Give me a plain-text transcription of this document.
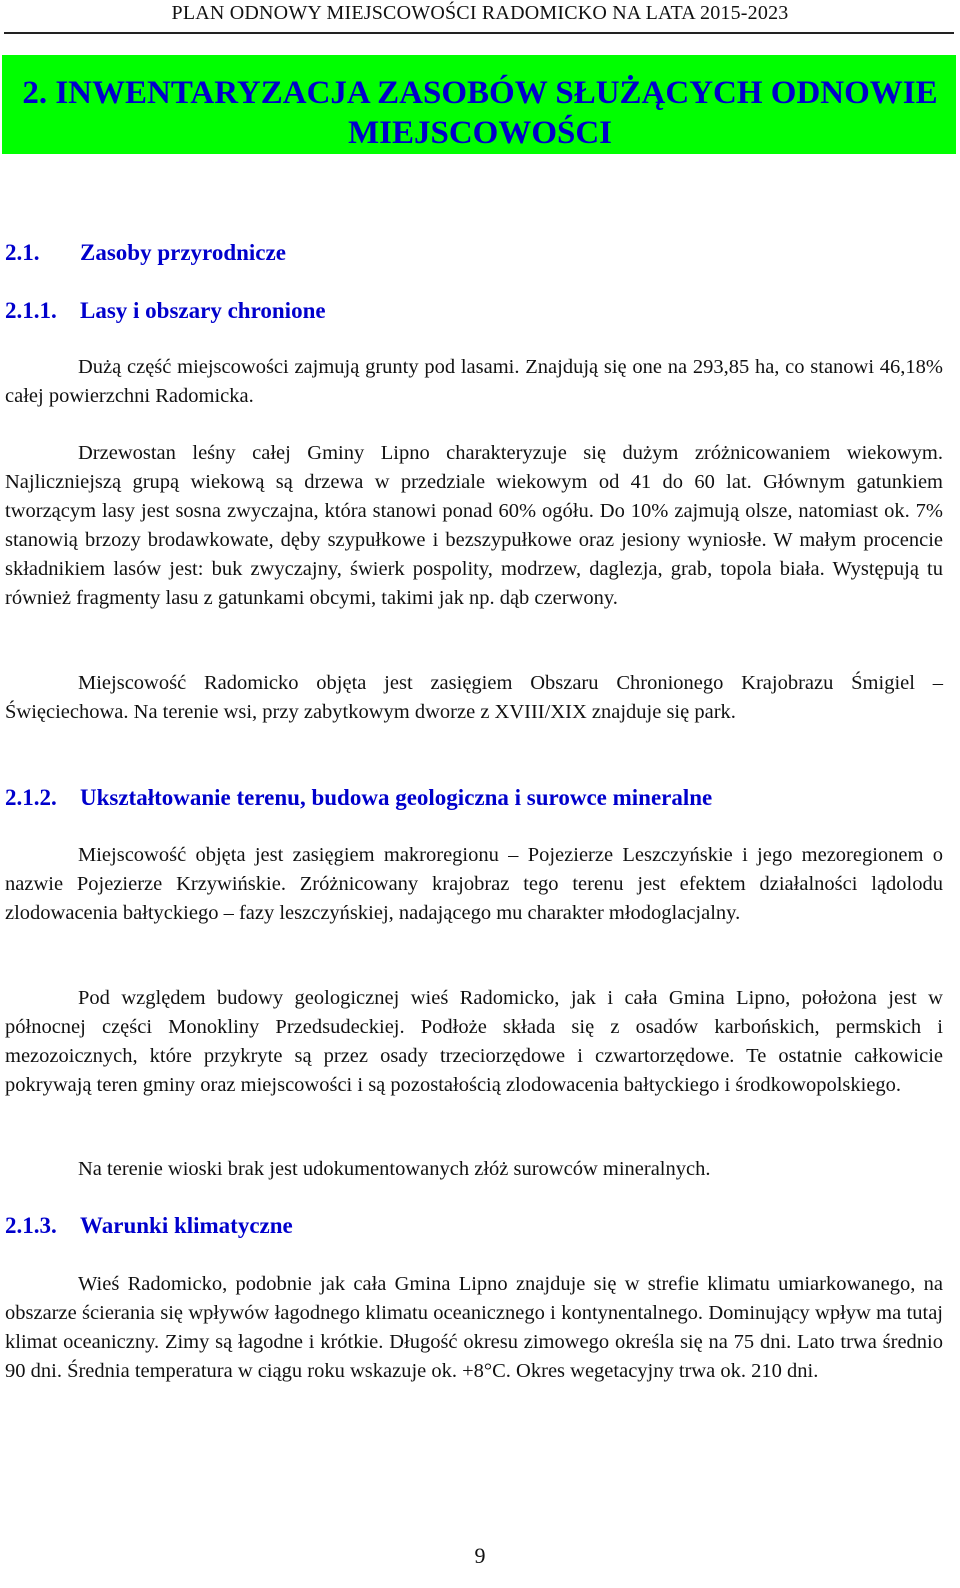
PLAN ODNOWY MIEJSCOWOŚCI RADOMICKO NA LATA 2015-2023
2. INWENTARYZACJA ZASOBÓW SŁUŻĄCYCH ODNOWIE
MIEJSCOWOŚCI
2.1. Zasoby przyrodnicze
2.1.1. Lasy i obszary chronione

Dużą część miejscowości zajmują grunty pod lasami. Znajdują się one na 293,85 ha, co stanowi 46,18% całej powierzchni Radomicka.

Drzewostan leśny całej Gminy Lipno charakteryzuje się dużym zróżnicowaniem wiekowym. Najliczniejszą grupą wiekową są drzewa w przedziale wiekowym od 41 do 60 lat. Głównym gatunkiem tworzącym lasy jest sosna zwyczajna, która stanowi ponad 60% ogółu. Do 10% zajmują olsze, natomiast ok. 7% stanowią brzozy brodawkowate, dęby szypułkowe i bezszypułkowe oraz jesiony wyniosłe. W małym procencie składnikiem lasów jest: buk zwyczajny, świerk pospolity, modrzew, daglezja, grab, topola biała. Występują tu również fragmenty lasu z gatunkami obcymi, takimi jak np. dąb czerwony.

Miejscowość Radomicko objęta jest zasięgiem Obszaru Chronionego Krajobrazu Śmigiel – Święciechowa. Na terenie wsi, przy zabytkowym dworze z XVIII/XIX znajduje się park.

2.1.2. Ukształtowanie terenu, budowa geologiczna i surowce mineralne

Miejscowość objęta jest zasięgiem makroregionu – Pojezierze Leszczyńskie i jego mezoregionem o nazwie Pojezierze Krzywińskie. Zróżnicowany krajobraz tego terenu jest efektem działalności lądolodu zlodowacenia bałtyckiego – fazy leszczyńskiej, nadającego mu charakter młodoglacjalny.

Pod względem budowy geologicznej wieś Radomicko, jak i cała Gmina Lipno, położona jest w północnej części Monokliny Przedsudeckiej. Podłoże składa się z osadów karbońskich, permskich i mezozoicznych, które przykryte są przez osady trzeciorzędowe i czwartorzędowe. Te ostatnie całkowicie pokrywają teren gminy oraz miejscowości i są pozostałością zlodowacenia bałtyckiego i środkowopolskiego.

Na terenie wioski brak jest udokumentowanych złóż surowców mineralnych.

2.1.3. Warunki klimatyczne

Wieś Radomicko, podobnie jak cała Gmina Lipno znajduje się w strefie klimatu umiarkowanego, na obszarze ścierania się wpływów łagodnego klimatu oceanicznego i kontynentalnego. Dominujący wpływ ma tutaj klimat oceaniczny. Zimy są łagodne i krótkie. Długość okresu zimowego określa się na 75 dni. Lato trwa średnio 90 dni. Średnia temperatura w ciągu roku wskazuje ok. +8°C. Okres wegetacyjny trwa ok. 210 dni.

9
